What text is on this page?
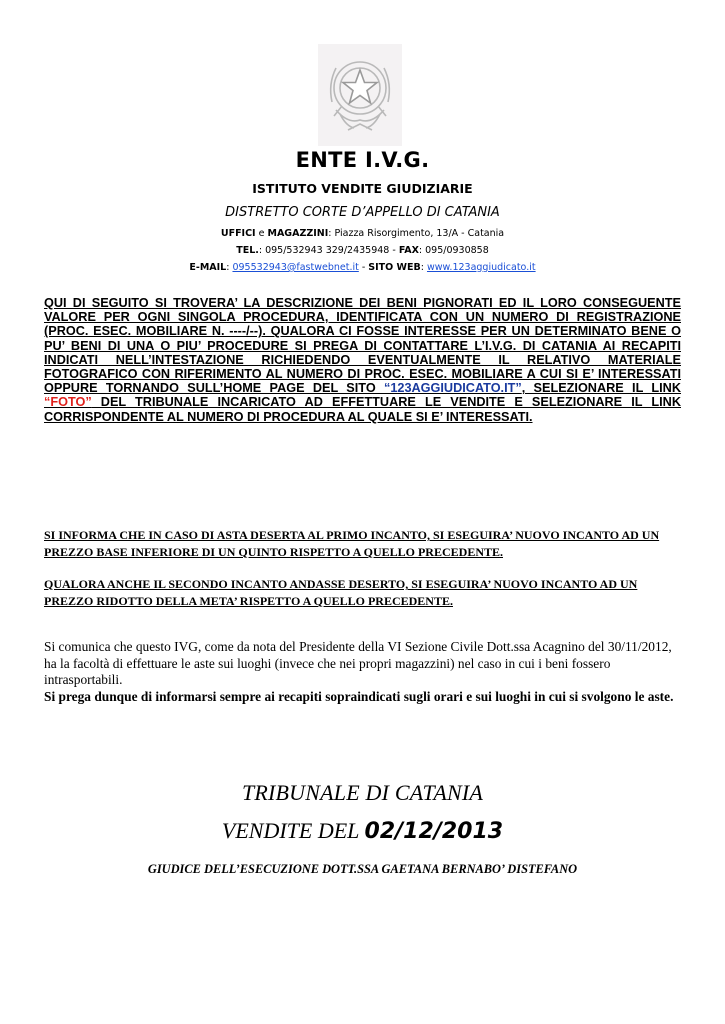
ENTE I.V.G.
ISTITUTO VENDITE GIUDIZIARIE
DISTRETTO CORTE D’APPELLO DI CATANIA
UFFICI e MAGAZZINI: Piazza Risorgimento, 13/A - Catania
TEL.: 095/532943 329/2435948 - FAX: 095/0930858
E-MAIL: 095532943@fastwebnet.it - SITO WEB: www.123aggiudicato.it
QUI DI SEGUITO SI TROVERA’ LA DESCRIZIONE DEI BENI PIGNORATI ED IL LORO CONSEGUENTE VALORE PER OGNI SINGOLA PROCEDURA, IDENTIFICATA CON UN NUMERO DI REGISTRAZIONE (PROC. ESEC. MOBILIARE N. ----/--). QUALORA CI FOSSE INTERESSE PER UN DETERMINATO BENE O PU’ BENI DI UNA O PIU’ PROCEDURE SI PREGA DI CONTATTARE L’I.V.G. DI CATANIA AI RECAPITI INDICATI NELL’INTESTAZIONE RICHIEDENDO EVENTUALMENTE IL RELATIVO MATERIALE FOTOGRAFICO CON RIFERIMENTO AL NUMERO DI PROC. ESEC. MOBILIARE A CUI SI E’ INTERESSATI OPPURE TORNANDO SULL’HOME PAGE DEL SITO “123AGGIUDICATO.IT”, SELEZIONARE IL LINK “FOTO” DEL TRIBUNALE INCARICATO AD EFFETTUARE LE VENDITE E SELEZIONARE IL LINK CORRISPONDENTE AL NUMERO DI PROCEDURA AL QUALE SI E’ INTERESSATI.
SI INFORMA CHE IN CASO DI ASTA DESERTA AL PRIMO INCANTO, SI ESEGUIRA’ NUOVO INCANTO AD UN PREZZO BASE INFERIORE DI UN QUINTO RISPETTO A QUELLO PRECEDENTE.
QUALORA ANCHE IL SECONDO INCANTO ANDASSE DESERTO, SI ESEGUIRA’ NUOVO INCANTO AD UN PREZZO RIDOTTO DELLA META’ RISPETTO A QUELLO PRECEDENTE.
Si comunica che questo IVG, come da nota del Presidente della VI Sezione Civile Dott.ssa Acagnino del 30/11/2012, ha la facoltà di effettuare le aste sui luoghi (invece che nei propri magazzini) nel caso in cui i beni fossero intrasportabili.
Si prega dunque di informarsi sempre ai recapiti sopraindicati sugli orari e sui luoghi in cui si svolgono le aste.
TRIBUNALE DI CATANIA
VENDITE DEL 02/12/2013
GIUDICE DELL’ESECUZIONE DOTT.SSA GAETANA BERNABO’ DISTEFANO
